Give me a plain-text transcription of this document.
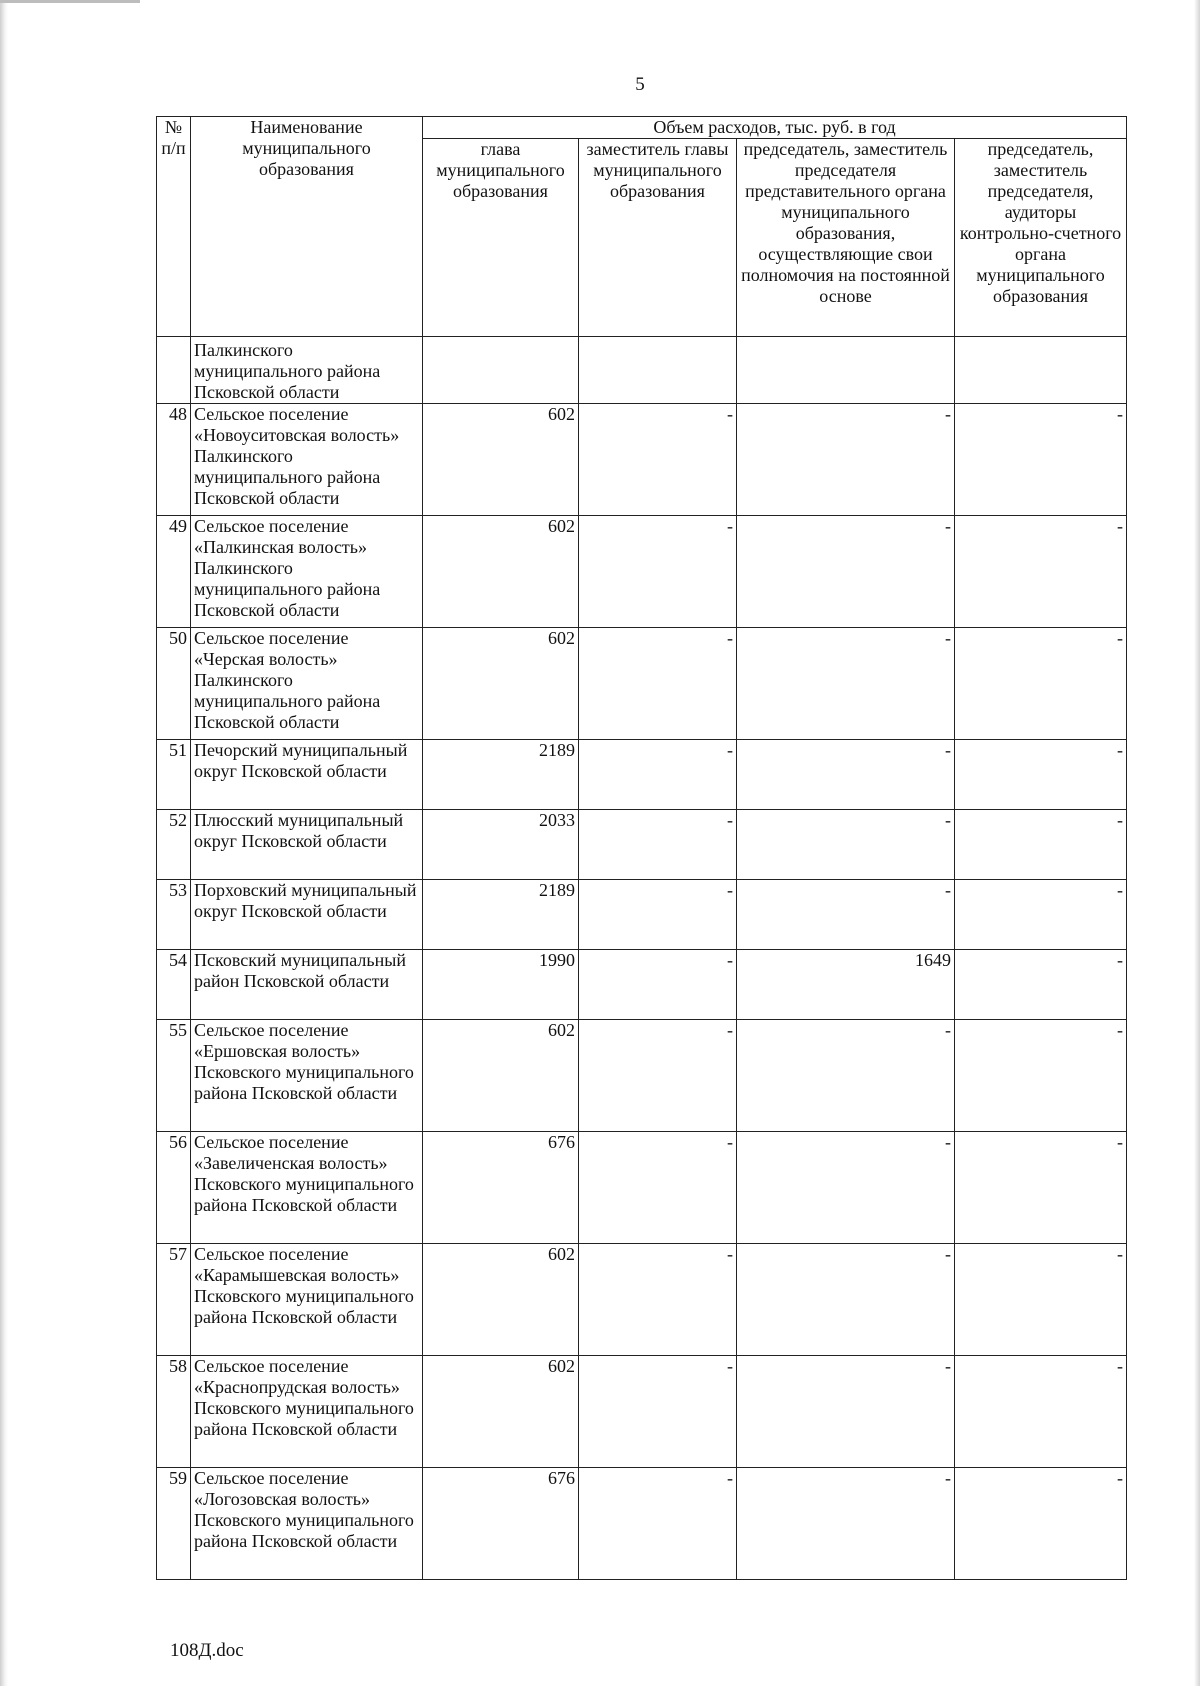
5
№ п/п	Наименование муниципального образования	Объем расходов, тыс. руб. в год			
		глава муниципального образования	заместитель главы муниципального образования	председатель, заместитель председателя представительного органа муниципального образования, осуществляющие свои полномочия на постоянной основе	председатель, заместитель председателя, аудиторы контрольно-счетного органа муниципального образования
	Палкинского муниципального района Псковской области				
48	Сельское поселение «Новоуситовская волость» Палкинского муниципального района Псковской области	602	-	-	-
49	Сельское поселение «Палкинская волость» Палкинского муниципального района Псковской области	602	-	-	-
50	Сельское поселение «Черская волость» Палкинского муниципального района Псковской области	602	-	-	-
51	Печорский муниципальный округ Псковской области	2189	-	-	-
52	Плюсский муниципальный округ Псковской области	2033	-	-	-
53	Порховский муниципальный округ Псковской области	2189	-	-	-
54	Псковский муниципальный район Псковской области	1990	-	1649	-
55	Сельское поселение «Ершовская волость» Псковского муниципального района Псковской области	602	-	-	-
56	Сельское поселение «Завеличенская волость» Псковского муниципального района Псковской области	676	-	-	-
57	Сельское поселение «Карамышевская волость» Псковского муниципального района Псковской области	602	-	-	-
58	Сельское поселение «Краснопрудская волость» Псковского муниципального района Псковской области	602	-	-	-
59	Сельское поселение «Логозовская волость» Псковского муниципального района Псковской области	676	-	-	-
108Д.doc
